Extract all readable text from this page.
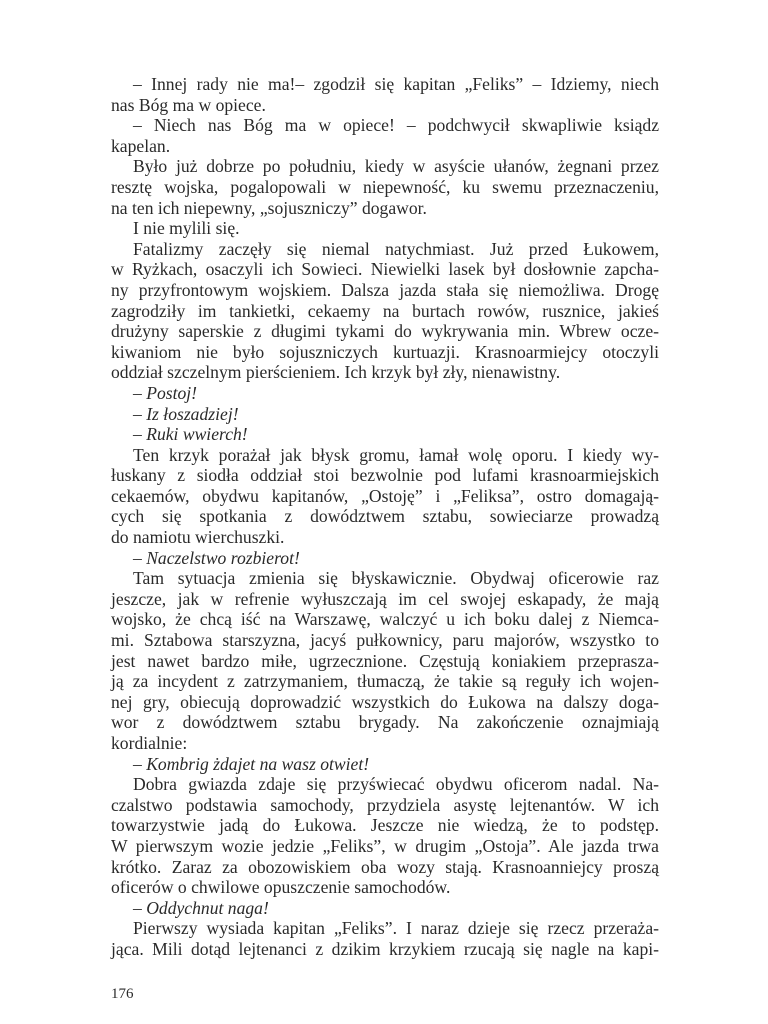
– Innej rady nie ma!– zgodził się kapitan „Feliks” – Idziemy, niech
nas Bóg ma w opiece.
– Niech nas Bóg ma w opiece! – podchwycił skwapliwie ksiądz
kapelan.
Było już dobrze po południu, kiedy w asyście ułanów, żegnani przez
resztę wojska, pogalopowali w niepewność, ku swemu przeznaczeniu,
na ten ich niepewny, „sojuszniczy” dogawor.
I nie mylili się.
Fatalizmy zaczęły się niemal natychmiast. Już przed Łukowem,
w Ryżkach, osaczyli ich Sowieci. Niewielki lasek był dosłownie zapcha-
ny przyfrontowym wojskiem. Dalsza jazda stała się niemożliwa. Drogę
zagrodziły im tankietki, cekaemy na burtach rowów, rusznice, jakieś
drużyny saperskie z długimi tykami do wykrywania min. Wbrew ocze-
kiwaniom nie było sojuszniczych kurtuazji. Krasnoarmiejcy otoczyli
oddział szczelnym pierścieniem. Ich krzyk był zły, nienawistny.
– Postoj!
– Iz łoszadziej!
– Ruki wwierch!
Ten krzyk porażał jak błysk gromu, łamał wolę oporu. I kiedy wy-
łuskany z siodła oddział stoi bezwolnie pod lufami krasnoarmiejskich
cekaemów, obydwu kapitanów, „Ostoję” i „Feliksa”, ostro domagają-
cych się spotkania z dowództwem sztabu, sowieciarze prowadzą
do namiotu wierchuszki.
– Naczelstwo rozbierot!
Tam sytuacja zmienia się błyskawicznie. Obydwaj oficerowie raz
jeszcze, jak w refrenie wyłuszczają im cel swojej eskapady, że mają
wojsko, że chcą iść na Warszawę, walczyć u ich boku dalej z Niemca-
mi. Sztabowa starszyzna, jacyś pułkownicy, paru majorów, wszystko to
jest nawet bardzo miłe, ugrzecznione. Częstują koniakiem przeprasza-
ją za incydent z zatrzymaniem, tłumaczą, że takie są reguły ich wojen-
nej gry, obiecują doprowadzić wszystkich do Łukowa na dalszy doga-
wor z dowództwem sztabu brygady. Na zakończenie oznajmiają
kordialnie:
– Kombrig żdajet na wasz otwiet!
Dobra gwiazda zdaje się przyświecać obydwu oficerom nadal. Na-
czalstwo podstawia samochody, przydziela asystę lejtenantów. W ich
towarzystwie jadą do Łukowa. Jeszcze nie wiedzą, że to podstęp.
W pierwszym wozie jedzie „Feliks”, w drugim „Ostoja”. Ale jazda trwa
krótko. Zaraz za obozowiskiem oba wozy stają. Krasnoanniejcy proszą
oficerów o chwilowe opuszczenie samochodów.
– Oddychnut naga!
Pierwszy wysiada kapitan „Feliks”. I naraz dzieje się rzecz przeraża-
jąca. Mili dotąd lejtenanci z dzikim krzykiem rzucają się nagle na kapi-
176
